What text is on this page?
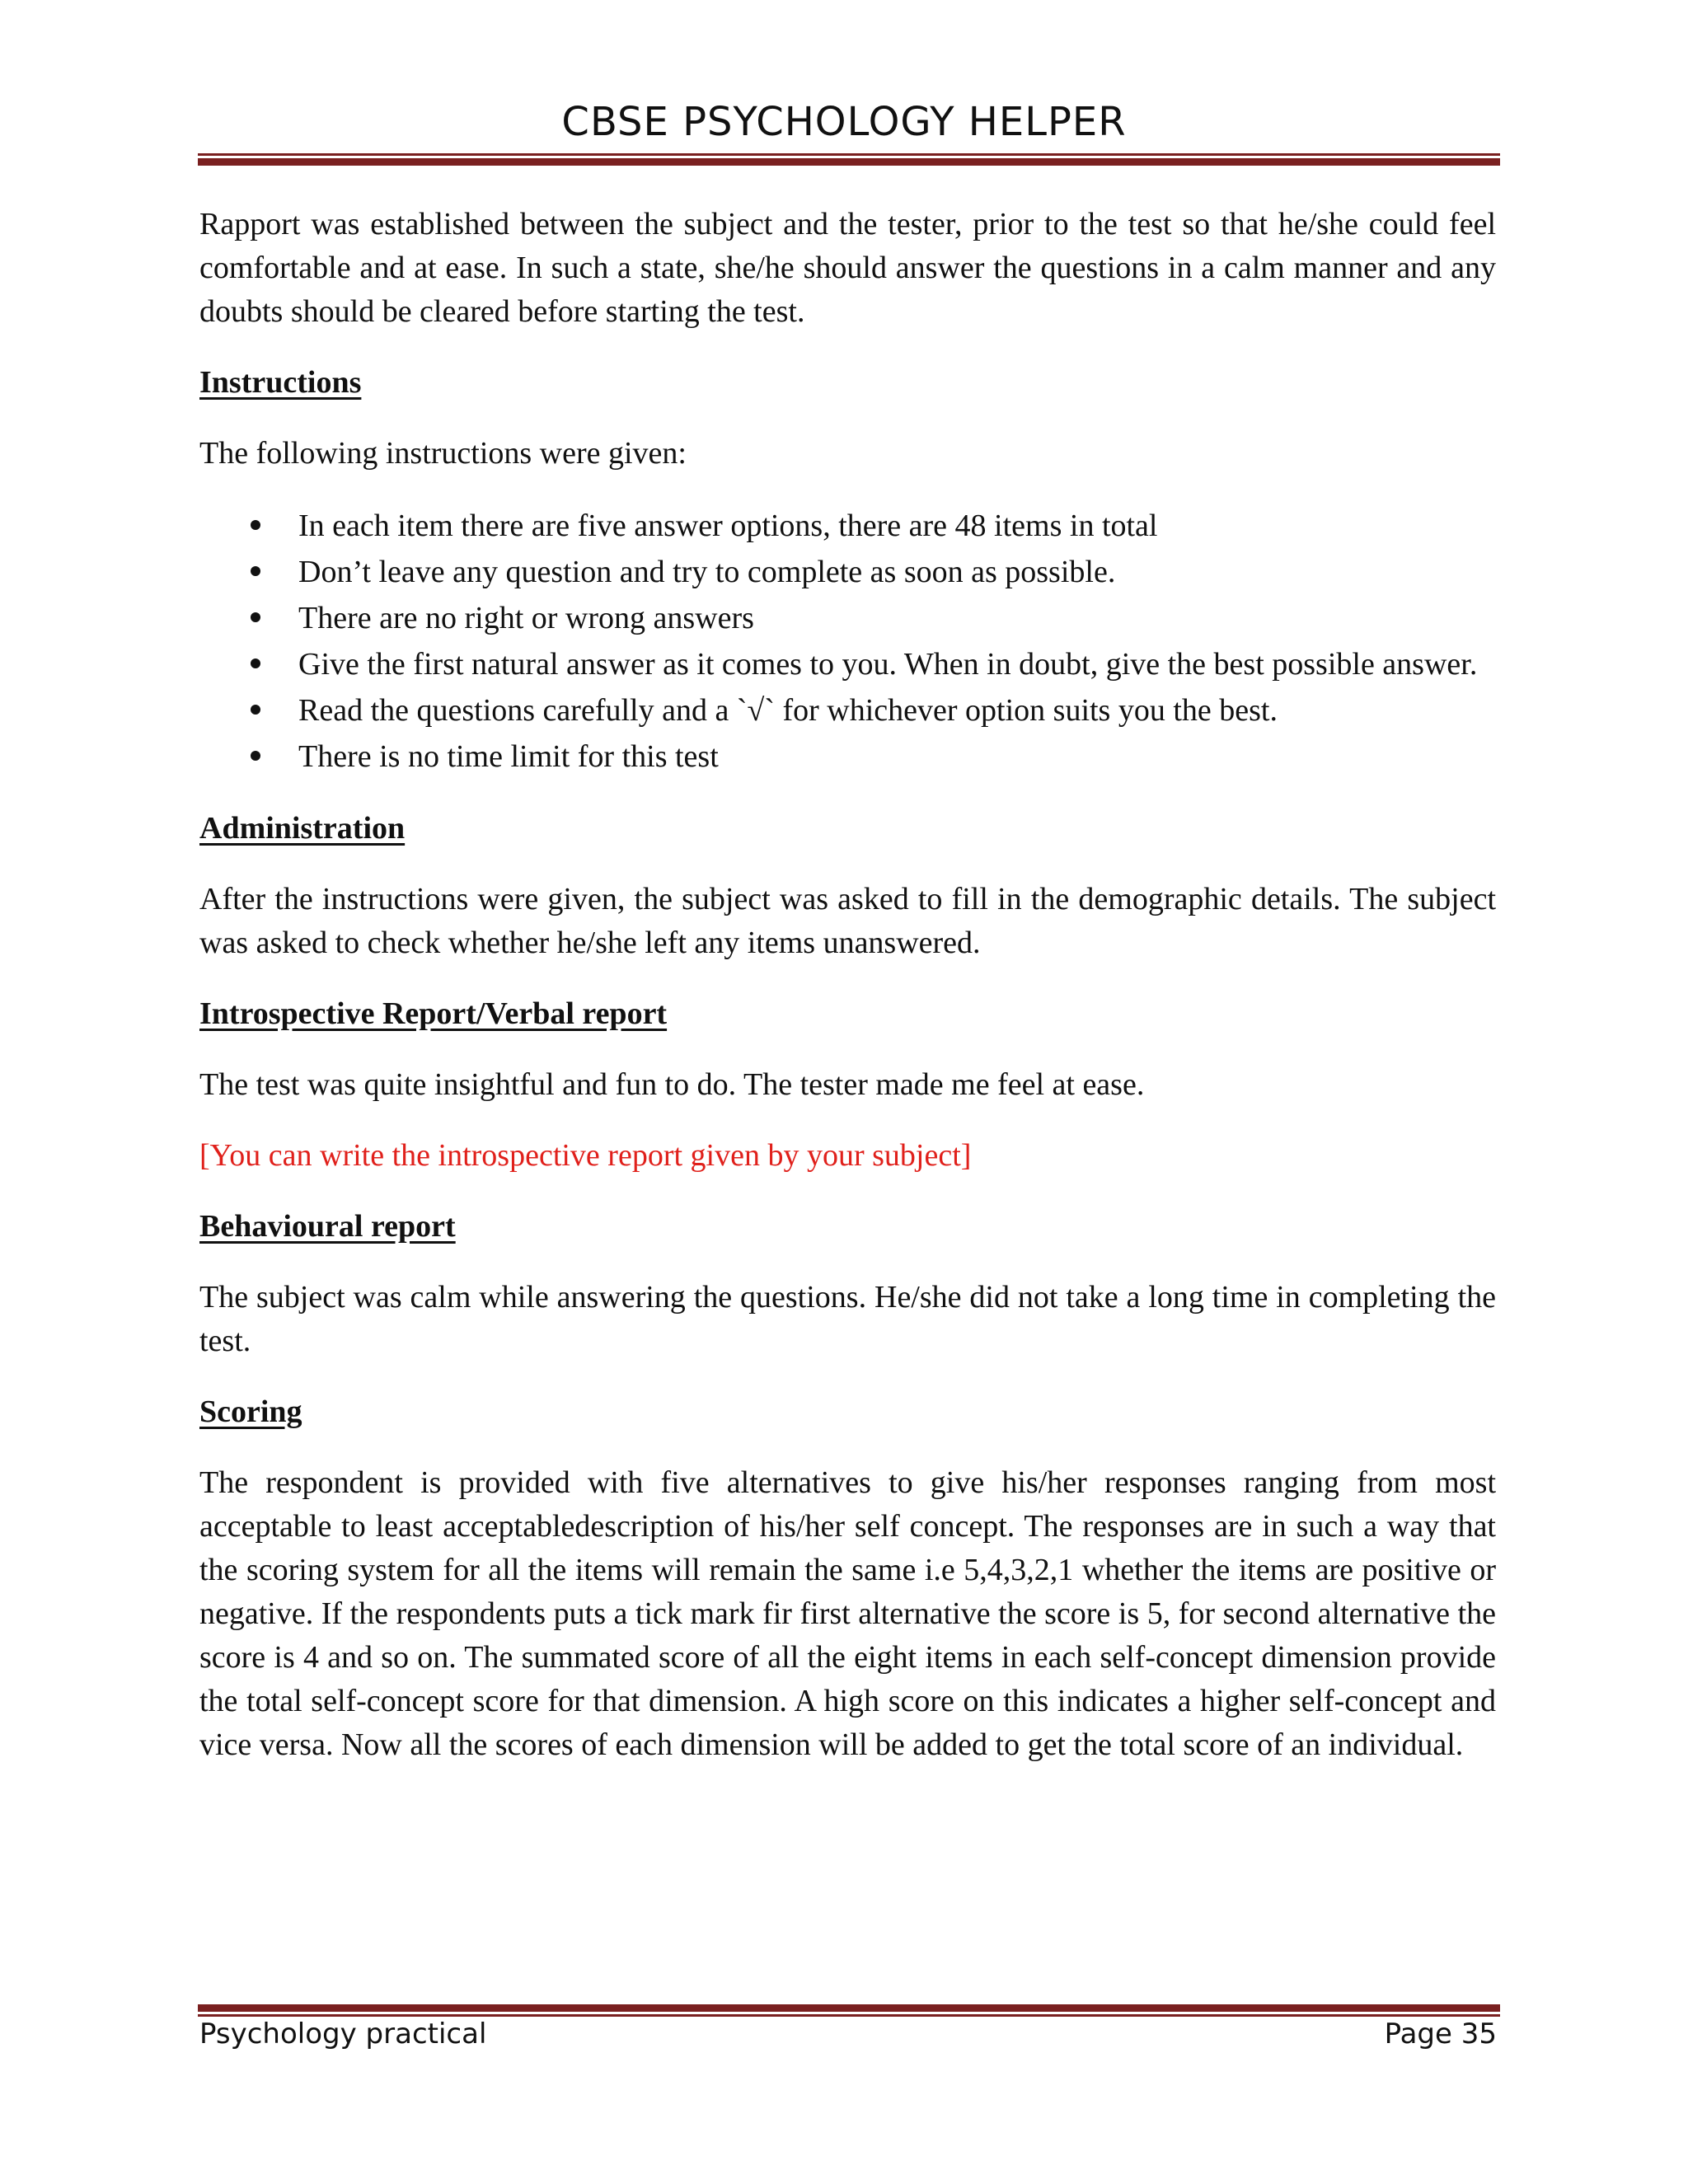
CBSE PSYCHOLOGY HELPER

Rapport was established between the subject and the tester, prior to the test so that he/she could feel comfortable and at ease. In such a state, she/he should answer the questions in a calm manner and any doubts should be cleared before starting the test.

Instructions

The following instructions were given:

In each item there are five answer options, there are 48 items in total
Don’t leave any question and try to complete as soon as possible.
There are no right or wrong answers
Give the first natural answer as it comes to you. When in doubt, give the best possible answer.
Read the questions carefully and a `√` for whichever option suits you the best.
There is no time limit for this test

Administration

After the instructions were given, the subject was asked to fill in the demographic details. The subject was asked to check whether he/she left any items unanswered.

Introspective Report/Verbal report

The test was quite insightful and fun to do. The tester made me feel at ease.

[You can write the introspective report given by your subject]

Behavioural report

The subject was calm while answering the questions. He/she did not take a long time in completing the test.

Scoring

The respondent is provided with five alternatives to give his/her responses ranging from most acceptable to least acceptabledescription of his/her self concept. The responses are in such a way that the scoring system for all the items will remain the same i.e 5,4,3,2,1 whether the items are positive or negative. If the respondents puts a tick mark fir first alternative the score is 5, for second alternative the score is 4 and so on. The summated score of all the eight items in each self-concept dimension provide the total self-concept score for that dimension. A high score on this indicates a higher self-concept and vice versa. Now all the scores of each dimension will be added to get the total score of an individual.

Psychology practical	Page 35
